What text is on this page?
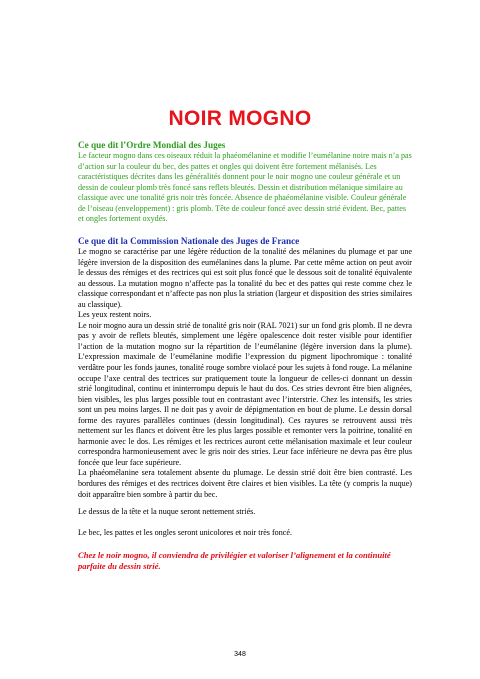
NOIR MOGNO

Ce que dit l’Ordre Mondial des Juges

Le facteur mogno dans ces oiseaux réduit la phaéomélanine et modifie l’eumélanine noire mais n’a pas d’action sur la couleur du bec, des pattes et ongles qui doivent être fortement mélanisés. Les caractéristiques décrites dans les généralités donnent pour le noir mogno une couleur générale et un dessin de couleur plomb très foncé sans reflets bleutés. Dessin et distribution mélanique similaire au classique avec une tonalité gris noir très foncée. Absence de phaéomélanine visible. Couleur générale de l’oiseau (enveloppement) : gris plomb. Tête de couleur foncé avec dessin strié évident. Bec, pattes et ongles fortement oxydés.

Ce que dit la Commission Nationale des Juges de France

Le mogno se caractérise par une légère réduction de la tonalité des mélanines du plumage et par une légère inversion de la disposition des eumélanines dans la plume. Par cette même action on peut avoir le dessus des rémiges et des rectrices qui est soit plus foncé que le dessous soit de tonalité équivalente au dessous. La mutation mogno n’affecte pas la tonalité du bec et des pattes qui reste comme chez le classique correspondant et n’affecte pas non plus la striation (largeur et disposition des stries similaires au classique).

Les yeux restent noirs.

Le noir mogno aura un dessin strié de tonalité gris noir (RAL 7021) sur un fond gris plomb. Il ne devra pas y avoir de reflets bleutés, simplement une légère opalescence doit rester visible pour identifier l’action de la mutation mogno sur la répartition de l’eumélanine (légère inversion dans la plume). L’expression maximale de l’eumélanine modifie l’expression du pigment lipochromique : tonalité verdâtre pour les fonds jaunes, tonalité rouge sombre violacé pour les sujets à fond rouge. La mélanine occupe l’axe central des tectrices sur pratiquement toute la longueur de celles-ci donnant un dessin strié longitudinal, continu et ininterrompu depuis le haut du dos. Ces stries devront être bien alignées, bien visibles, les plus larges possible tout en contrastant avec l’interstrie. Chez les intensifs, les stries sont un peu moins larges. Il ne doit pas y avoir de dépigmentation en bout de plume. Le dessin dorsal forme des rayures parallèles continues (dessin longitudinal). Ces rayures se retrouvent aussi très nettement sur les flancs et doivent être les plus larges possible et remonter vers la poitrine, tonalité en harmonie avec le dos. Les rémiges et les rectrices auront cette mélanisation maximale et leur couleur correspondra harmonieusement avec le gris noir des stries. Leur face inférieure ne devra pas être plus foncée que leur face supérieure.

La phaéomélanine sera totalement absente du plumage. Le dessin strié doit être bien contrasté. Les bordures des rémiges et des rectrices doivent être claires et bien visibles. La tête (y compris la nuque) doit apparaître bien sombre à partir du bec.

Le dessus de la tête et la nuque seront nettement striés.

Le bec, les pattes et les ongles seront unicolores et noir très foncé.

Chez le noir mogno, il conviendra de privilégier et valoriser l’alignement et la continuité parfaite du dessin strié.

348
